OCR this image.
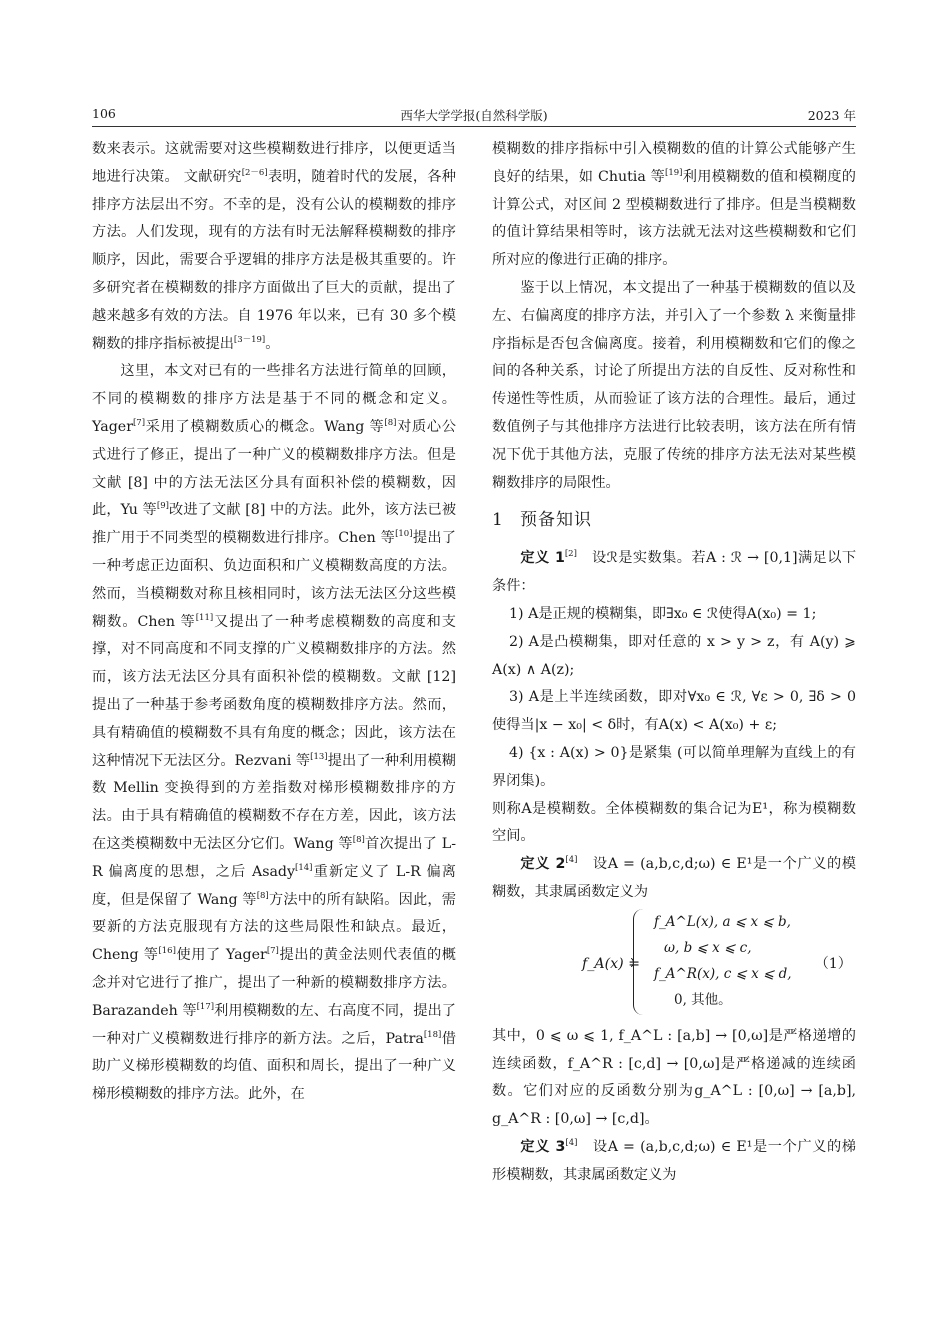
106	西华大学学报(自然科学版)	2023 年

数来表示。这就需要对这些模糊数进行排序，以便更适当地进行决策。 文献研究[2－6]表明，随着时代的发展，各种排序方法层出不穷。不幸的是，没有公认的模糊数的排序方法。人们发现，现有的方法有时无法解释模糊数的排序顺序，因此，需要合乎逻辑的排序方法是极其重要的。许多研究者在模糊数的排序方面做出了巨大的贡献，提出了越来越多有效的方法。自 1976 年以来，已有 30 多个模糊数的排序指标被提出[3－19]。

这里，本文对已有的一些排名方法进行简单的回顾，不同的模糊数的排序方法是基于不同的概念和定义。Yager[7]采用了模糊数质心的概念。Wang 等[8]对质心公式进行了修正，提出了一种广义的模糊数排序方法。但是文献 [8] 中的方法无法区分具有面积补偿的模糊数，因此，Yu 等[9]改进了文献 [8] 中的方法。此外，该方法已被推广用于不同类型的模糊数进行排序。Chen 等[10]提出了一种考虑正边面积、负边面积和广义模糊数高度的方法。然而，当模糊数对称且核相同时，该方法无法区分这些模糊数。Chen 等[11]又提出了一种考虑模糊数的高度和支撑，对不同高度和不同支撑的广义模糊数排序的方法。然而，该方法无法区分具有面积补偿的模糊数。文献 [12] 提出了一种基于参考函数角度的模糊数排序方法。然而，具有精确值的模糊数不具有角度的概念；因此，该方法在这种情况下无法区分。Rezvani 等[13]提出了一种利用模糊数 Mellin 变换得到的方差指数对梯形模糊数排序的方法。由于具有精确值的模糊数不存在方差，因此，该方法在这类模糊数中无法区分它们。Wang 等[8]首次提出了 L-R 偏离度的思想，之后 Asady[14]重新定义了 L-R 偏离度，但是保留了 Wang 等[8]方法中的所有缺陷。因此，需要新的方法克服现有方法的这些局限性和缺点。最近，Cheng 等[16]使用了 Yager[7]提出的黄金法则代表值的概念并对它进行了推广，提出了一种新的模糊数排序方法。Barazandeh 等[17]利用模糊数的左、右高度不同，提出了一种对广义模糊数进行排序的新方法。之后，Patra[18]借助广义梯形模糊数的均值、面积和周长，提出了一种广义梯形模糊数的排序方法。此外，在

模糊数的排序指标中引入模糊数的值的计算公式能够产生良好的结果，如 Chutia 等[19]利用模糊数的值和模糊度的计算公式，对区间 2 型模糊数进行了排序。但是当模糊数的值计算结果相等时，该方法就无法对这些模糊数和它们所对应的像进行正确的排序。

鉴于以上情况，本文提出了一种基于模糊数的值以及左、右偏离度的排序方法，并引入了一个参数 λ 来衡量排序指标是否包含偏离度。接着，利用模糊数和它们的像之间的各种关系，讨论了所提出方法的自反性、反对称性和传递性等性质，从而验证了该方法的合理性。最后，通过数值例子与其他排序方法进行比较表明，该方法在所有情况下优于其他方法，克服了传统的排序方法无法对某些模糊数排序的局限性。

1 预备知识

定义 1[2]　 设ℛ是实数集。若A : ℛ → [0,1]满足以下条件：

1) A是正规的模糊集，即∃x₀ ∈ ℛ使得A(x₀) = 1;

2) A是凸模糊集，即对任意的 x > y > z，有 A(y) ⩾ A(x) ∧ A(z);

3) A是上半连续函数，即对∀x₀ ∈ ℛ, ∀ε > 0, ∃δ > 0使得当|x − x₀| < δ时，有A(x) < A(x₀) + ε;

4) {x : A(x) > 0}是紧集 (可以简单理解为直线上的有界闭集)。

则称A是模糊数。全体模糊数的集合记为E¹，称为模糊数空间。

定义 2[4]　 设A = (a,b,c,d;ω) ∈ E¹是一个广义的模糊数，其隶属函数定义为

f_A(x) =
f_A^L(x), a ⩽ x ⩽ b,
ω, b ⩽ x ⩽ c,
f_A^R(x), c ⩽ x ⩽ d,
0, 其他。
（1）

其中，0 ⩽ ω ⩽ 1, f_A^L : [a,b] → [0,ω]是严格递增的连续函数，f_A^R : [c,d] → [0,ω]是严格递减的连续函数。它们对应的反函数分别为g_A^L : [0,ω] → [a,b], g_A^R : [0,ω] → [c,d]。

定义 3[4]　 设A = (a,b,c,d;ω) ∈ E¹是一个广义的梯形模糊数，其隶属函数定义为
